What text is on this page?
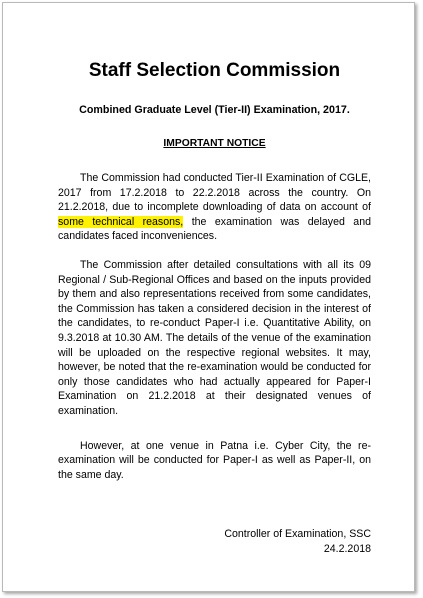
Staff Selection Commission
Combined Graduate Level (Tier-II) Examination, 2017.
IMPORTANT NOTICE

The Commission had conducted Tier-II Examination of CGLE, 2017 from 17.2.2018 to 22.2.2018 across the country. On 21.2.2018, due to incomplete downloading of data on account of some technical reasons, the examination was delayed and candidates faced inconveniences.

The Commission after detailed consultations with all its 09 Regional / Sub-Regional Offices and based on the inputs provided by them and also representations received from some candidates, the Commission has taken a considered decision in the interest of the candidates, to re-conduct Paper-I i.e. Quantitative Ability, on 9.3.2018 at 10.30 AM. The details of the venue of the examination will be uploaded on the respective regional websites. It may, however, be noted that the re-examination would be conducted for only those candidates who had actually appeared for Paper-I Examination on 21.2.2018 at their designated venues of examination.

However, at one venue in Patna i.e. Cyber City, the re-examination will be conducted for Paper-I as well as Paper-II, on the same day.

Controller of Examination, SSC
24.2.2018
